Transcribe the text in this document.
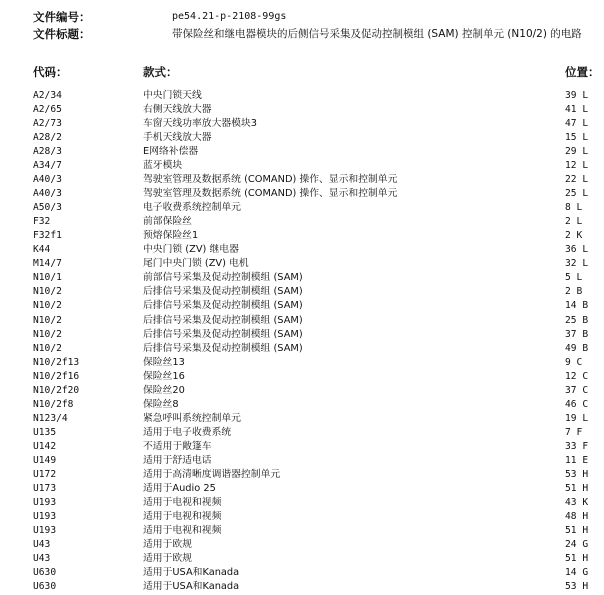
文件编号：	pe54.21-p-2108-99gs
文件标题：	带保险丝和继电器模块的后侧信号采集及促动控制模组 (SAM) 控制单元 (N10/2) 的电路
代码：	款式：	位置：
A2/34	中央门锁天线	39 L
A2/65	右侧天线放大器	41 L
A2/73	车窗天线功率放大器模块3	47 L
A28/2	手机天线放大器	15 L
A28/3	E网络补偿器	29 L
A34/7	蓝牙模块	12 L
A40/3	驾驶室管理及数据系统 (COMAND) 操作、显示和控制单元	22 L
A40/3	驾驶室管理及数据系统 (COMAND) 操作、显示和控制单元	25 L
A50/3	电子收费系统控制单元	8 L
F32	前部保险丝	2 L
F32f1	预熔保险丝1	2 K
K44	中央门锁 (ZV) 继电器	36 L
M14/7	尾门中央门锁 (ZV) 电机	32 L
N10/1	前部信号采集及促动控制模组 (SAM)	5 L
N10/2	后排信号采集及促动控制模组 (SAM)	2 B
N10/2	后排信号采集及促动控制模组 (SAM)	14 B
N10/2	后排信号采集及促动控制模组 (SAM)	25 B
N10/2	后排信号采集及促动控制模组 (SAM)	37 B
N10/2	后排信号采集及促动控制模组 (SAM)	49 B
N10/2f13	保险丝13	9 C
N10/2f16	保险丝16	12 C
N10/2f20	保险丝20	37 C
N10/2f8	保险丝8	46 C
N123/4	紧急呼叫系统控制单元	19 L
U135	适用于电子收费系统	7 F
U142	不适用于敞篷车	33 F
U149	适用于舒适电话	11 E
U172	适用于高清晰度调谐器控制单元	53 H
U173	适用于Audio 25	51 H
U193	适用于电视和视频	43 K
U193	适用于电视和视频	48 H
U193	适用于电视和视频	51 H
U43	适用于欧规	24 G
U43	适用于欧规	51 H
U630	适用于USA和Kanada	14 G
U630	适用于USA和Kanada	53 H
